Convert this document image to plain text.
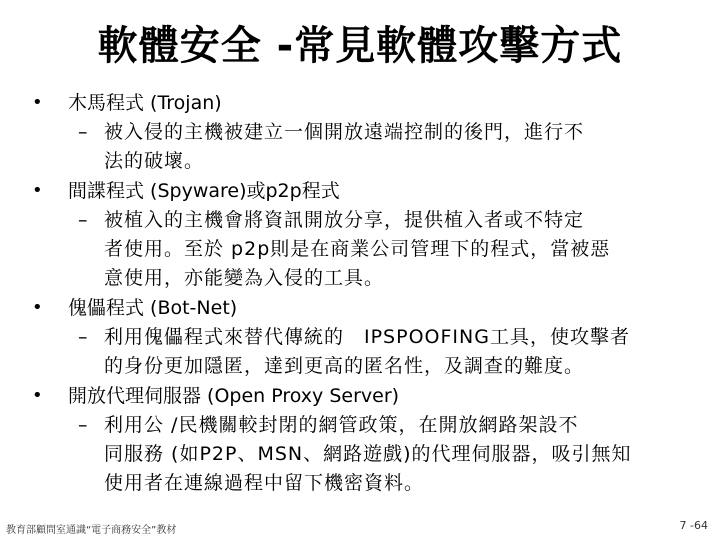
軟體安全 -常見軟體攻擊方式
• 木馬程式 (Trojan)
– 被入侵的主機被建立一個開放遠端控制的後門，進行不
法的破壞。
• 間諜程式 (Spyware)或p2p程式
– 被植入的主機會將資訊開放分享，提供植入者或不特定
者使用。至於 p2p則是在商業公司管理下的程式，當被惡
意使用，亦能變為入侵的工具。
• 傀儡程式 (Bot-Net)
– 利用傀儡程式來替代傳統的　IPSPOOFING工具，使攻擊者
的身份更加隱匿，達到更高的匿名性，及調查的難度。
• 開放代理伺服器 (Open Proxy Server)
– 利用公 /民機關較封閉的網管政策，在開放網路架設不
同服務 (如P2P、MSN、網路遊戲)的代理伺服器，吸引無知
使用者在連線過程中留下機密資料。
教育部顧問室通識“電子商務安全”教材	7 -64
